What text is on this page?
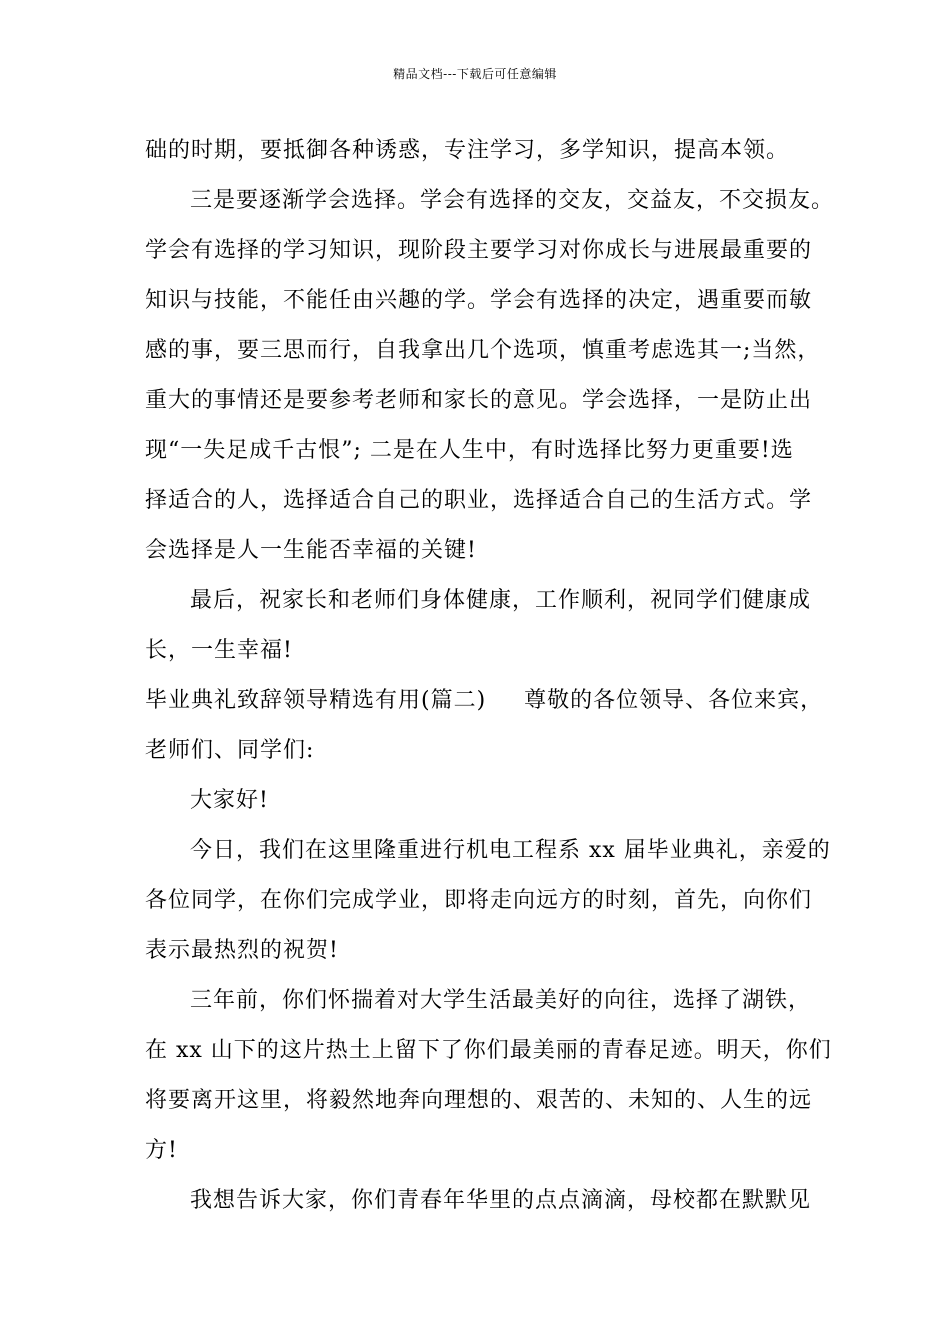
精品文档---下载后可任意编辑
础的时期，要抵御各种诱惑，专注学习，多学知识，提高本领。
三是要逐渐学会选择。学会有选择的交友，交益友，不交损友。
学会有选择的学习知识，现阶段主要学习对你成长与进展最重要的
知识与技能，不能任由兴趣的学。学会有选择的决定，遇重要而敏
感的事，要三思而行，自我拿出几个选项，慎重考虑选其一;当然，
重大的事情还是要参考老师和家长的意见。学会选择，一是防止出
现“一失足成千古恨”; 二是在人生中，有时选择比努力更重要!选
择适合的人，选择适合自己的职业，选择适合自己的生活方式。学
会选择是人一生能否幸福的关键!
最后，祝家长和老师们身体健康，工作顺利，祝同学们健康成
长，一生幸福!
毕业典礼致辞领导精选有用(篇二) 尊敬的各位领导、各位来宾，
老师们、同学们:
大家好!
今日，我们在这里隆重进行机电工程系 xx 届毕业典礼，亲爱的
各位同学，在你们完成学业，即将走向远方的时刻，首先，向你们
表示最热烈的祝贺!
三年前，你们怀揣着对大学生活最美好的向往，选择了湖铁，
在 xx 山下的这片热土上留下了你们最美丽的青春足迹。明天，你们
将要离开这里，将毅然地奔向理想的、艰苦的、未知的、人生的远
方!
我想告诉大家，你们青春年华里的点点滴滴，母校都在默默见
